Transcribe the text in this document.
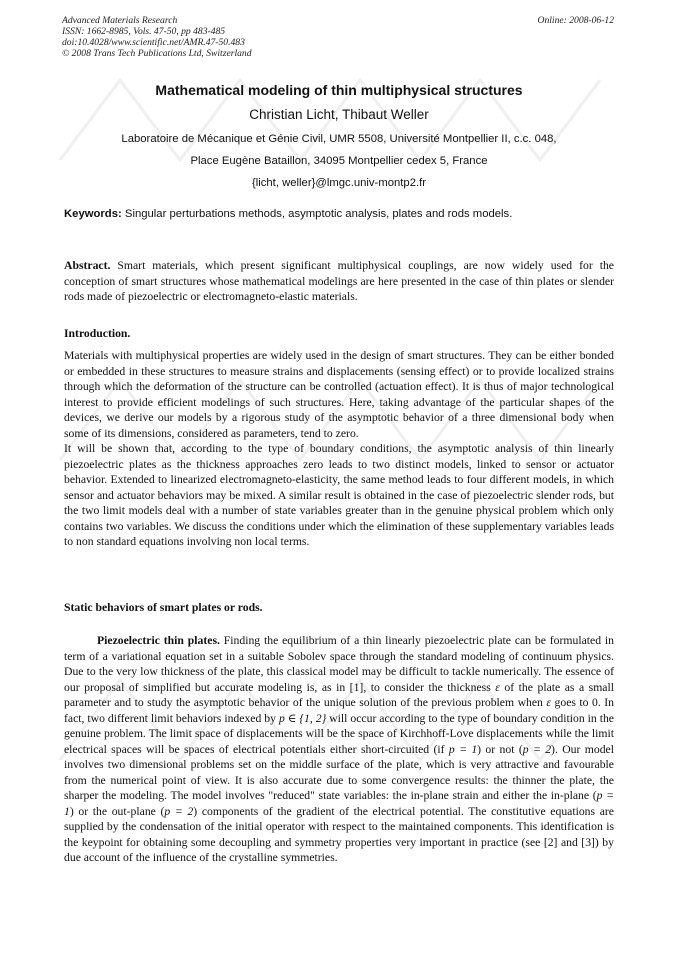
Advanced Materials Research
ISSN: 1662-8985, Vols. 47-50, pp 483-485
doi:10.4028/www.scientific.net/AMR.47-50.483
© 2008 Trans Tech Publications Ltd, Switzerland
Online: 2008-06-12
Mathematical modeling of thin multiphysical structures
Christian Licht, Thibaut Weller
Laboratoire de Mécanique et Génie Civil, UMR 5508, Université Montpellier II, c.c. 048,
Place Eugène Bataillon, 34095 Montpellier cedex 5, France
{licht, weller}@lmgc.univ-montp2.fr
Keywords: Singular perturbations methods, asymptotic analysis, plates and rods models.
Abstract. Smart materials, which present significant multiphysical couplings, are now widely used for the conception of smart structures whose mathematical modelings are here presented in the case of thin plates or slender rods made of piezoelectric or electromagneto-elastic materials.
Introduction.

Materials with multiphysical properties are widely used in the design of smart structures. They can be either bonded or embedded in these structures to measure strains and displacements (sensing effect) or to provide localized strains through which the deformation of the structure can be controlled (actuation effect). It is thus of major technological interest to provide efficient modelings of such structures. Here, taking advantage of the particular shapes of the devices, we derive our models by a rigorous study of the asymptotic behavior of a three dimensional body when some of its dimensions, considered as parameters, tend to zero.

It will be shown that, according to the type of boundary conditions, the asymptotic analysis of thin linearly piezoelectric plates as the thickness approaches zero leads to two distinct models, linked to sensor or actuator behavior. Extended to linearized electromagneto-elasticity, the same method leads to four different models, in which sensor and actuator behaviors may be mixed. A similar result is obtained in the case of piezoelectric slender rods, but the two limit models deal with a number of state variables greater than in the genuine physical problem which only contains two variables. We discuss the conditions under which the elimination of these supplementary variables leads to non standard equations involving non local terms.

Static behaviors of smart plates or rods.

Piezoelectric thin plates. Finding the equilibrium of a thin linearly piezoelectric plate can be formulated in term of a variational equation set in a suitable Sobolev space through the standard modeling of continuum physics. Due to the very low thickness of the plate, this classical model may be difficult to tackle numerically. The essence of our proposal of simplified but accurate modeling is, as in [1], to consider the thickness ε of the plate as a small parameter and to study the asymptotic behavior of the unique solution of the previous problem when ε goes to 0. In fact, two different limit behaviors indexed by p ∈ {1, 2} will occur according to the type of boundary condition in the genuine problem. The limit space of displacements will be the space of Kirchhoff-Love displacements while the limit electrical spaces will be spaces of electrical potentials either short-circuited (if p = 1) or not (p = 2). Our model involves two dimensional problems set on the middle surface of the plate, which is very attractive and favourable from the numerical point of view. It is also accurate due to some convergence results: the thinner the plate, the sharper the modeling. The model involves "reduced" state variables: the in-plane strain and either the in-plane (p = 1) or the out-plane (p = 2) components of the gradient of the electrical potential. The constitutive equations are supplied by the condensation of the initial operator with respect to the maintained components. This identification is the keypoint for obtaining some decoupling and symmetry properties very important in practice (see [2] and [3]) by due account of the influence of the crystalline symmetries.
